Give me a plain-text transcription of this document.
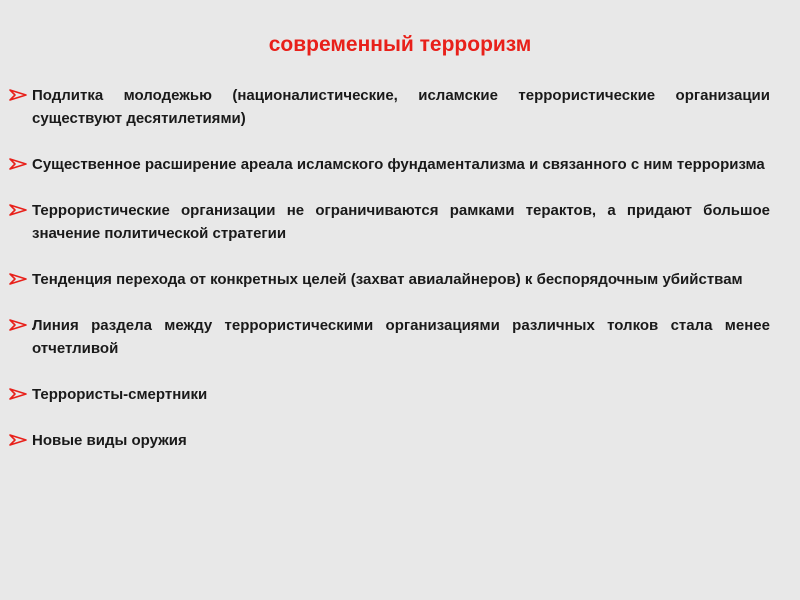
современный терроризм
Подлитка молодежью (националистические, исламские террористические организации существуют десятилетиями)
Существенное расширение ареала исламского фундаментализма и связанного с ним терроризма
Террористические организации не ограничиваются рамками терактов, а придают большое значение политической стратегии
Тенденция перехода от конкретных целей (захват авиалайнеров) к беспорядочным убийствам
Линия раздела между террористическими организациями различных толков стала менее отчетливой
Террористы-смертники
Новые виды оружия
